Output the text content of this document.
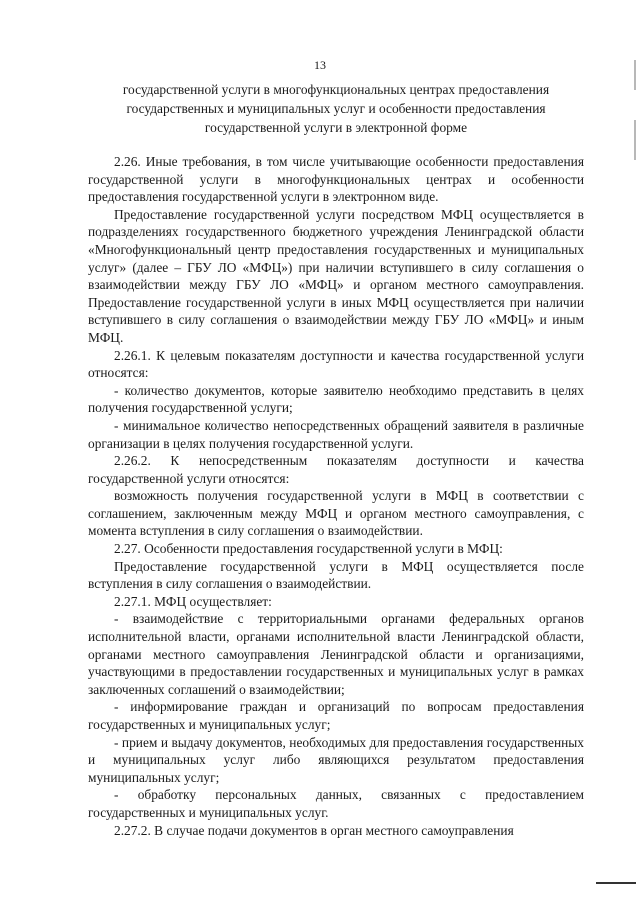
13
государственной услуги в многофункциональных центрах предоставления
государственных и муниципальных услуг и особенности предоставления
государственной услуги в электронной форме

2.26. Иные требования, в том числе учитывающие особенности предоставления государственной услуги в многофункциональных центрах и особенности предоставления государственной услуги в электронном виде.

Предоставление государственной услуги посредством МФЦ осуществляется в подразделениях государственного бюджетного учреждения Ленинградской области «Многофункциональный центр предоставления государственных и муниципальных услуг» (далее – ГБУ ЛО «МФЦ») при наличии вступившего в силу соглашения о взаимодействии между ГБУ ЛО «МФЦ» и органом местного самоуправления. Предоставление государственной услуги в иных МФЦ осуществляется при наличии вступившего в силу соглашения о взаимодействии между ГБУ ЛО «МФЦ» и иным МФЦ.

2.26.1. К целевым показателям доступности и качества государственной услуги относятся:

- количество документов, которые заявителю необходимо представить в целях получения государственной услуги;

- минимальное количество непосредственных обращений заявителя в различные организации в целях получения государственной услуги.

2.26.2. К непосредственным показателям доступности и качества государственной услуги относятся:

возможность получения государственной услуги в МФЦ в соответствии с соглашением, заключенным между МФЦ и органом местного самоуправления, с момента вступления в силу соглашения о взаимодействии.

2.27. Особенности предоставления государственной услуги в МФЦ:

Предоставление государственной услуги в МФЦ осуществляется после вступления в силу соглашения о взаимодействии.

2.27.1. МФЦ осуществляет:

- взаимодействие с территориальными органами федеральных органов исполнительной власти, органами исполнительной власти Ленинградской области, органами местного самоуправления Ленинградской области и организациями, участвующими в предоставлении государственных и муниципальных услуг в рамках заключенных соглашений о взаимодействии;

- информирование граждан и организаций по вопросам предоставления государственных и муниципальных услуг;

- прием и выдачу документов, необходимых для предоставления государственных и муниципальных услуг либо являющихся результатом предоставления муниципальных услуг;

- обработку персональных данных, связанных с предоставлением государственных и муниципальных услуг.

2.27.2. В случае подачи документов в орган местного самоуправления
